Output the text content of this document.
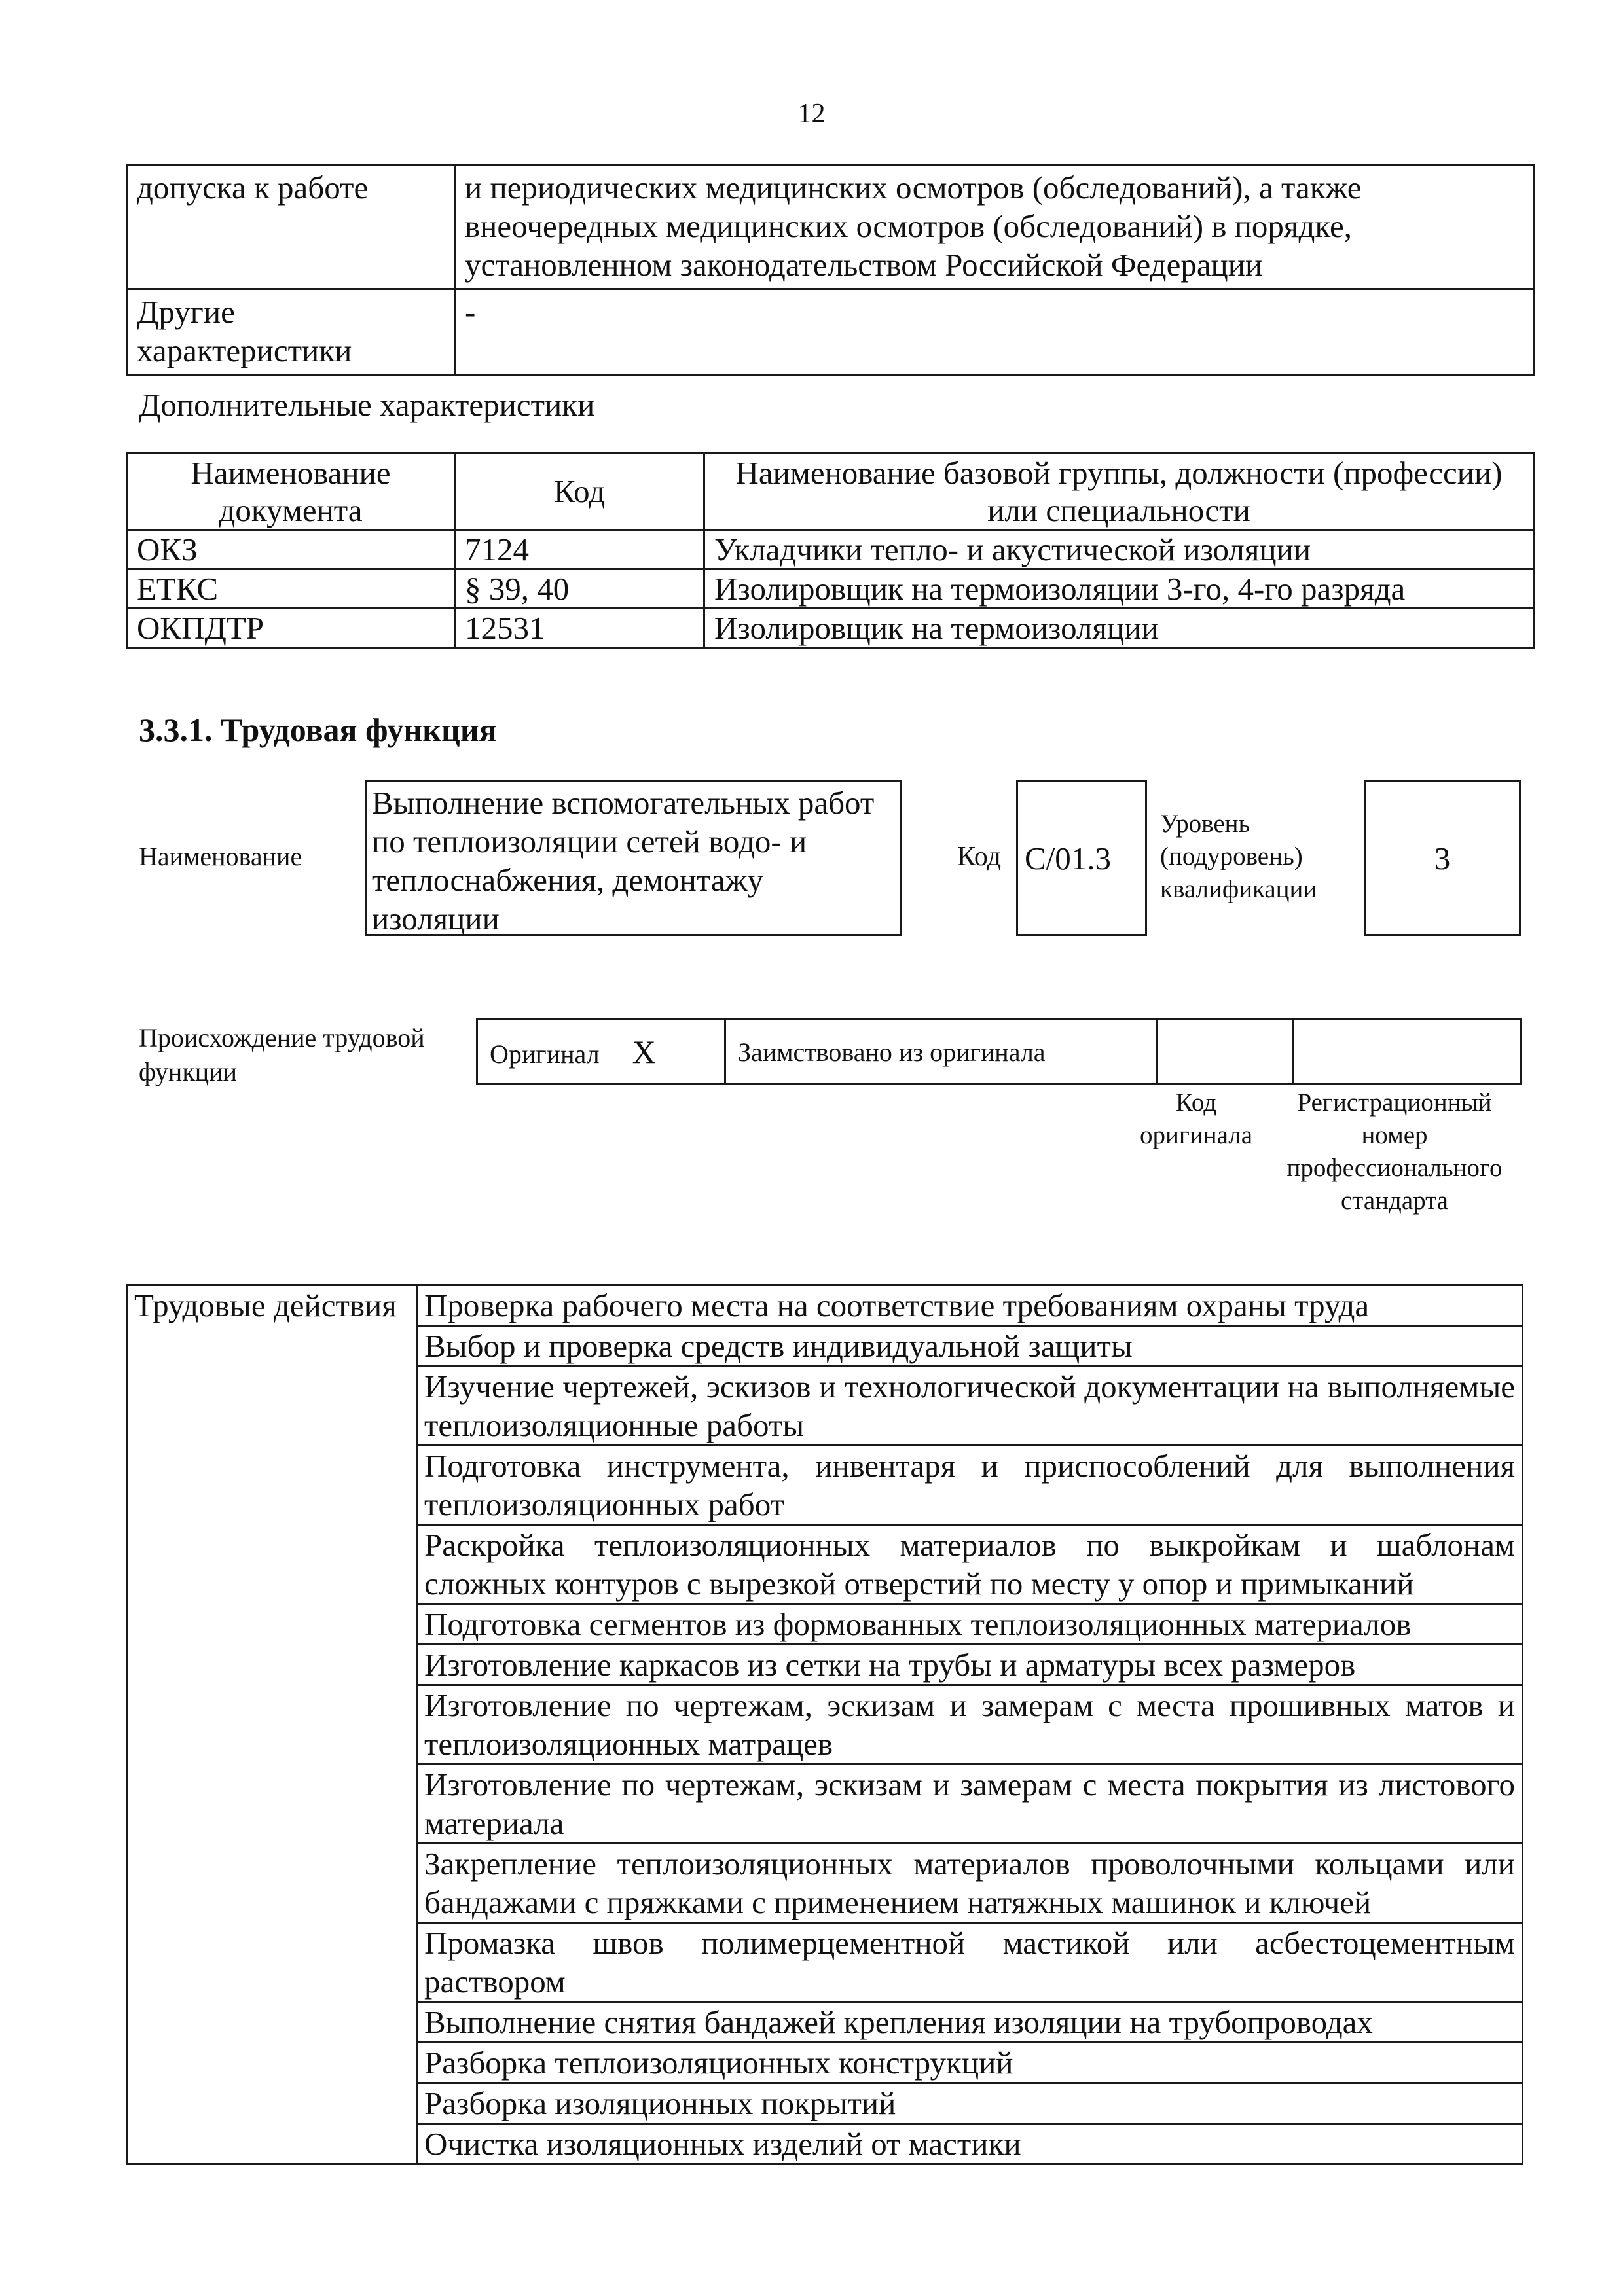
12
допуска к работе	и периодических медицинских осмотров (обследований), а также внеочередных медицинских осмотров (обследований) в порядке, установленном законодательством Российской Федерации
Другие характеристики	-
Дополнительные характеристики
Наименование документа	Код	Наименование базовой группы, должности (профессии) или специальности
ОКЗ	7124	Укладчики тепло- и акустической изоляции
ЕТКС	§ 39, 40	Изолировщик на термоизоляции 3-го, 4-го разряда
ОКПДТР	12531	Изолировщик на термоизоляции
3.3.1. Трудовая функция
Наименование
Выполнение вспомогательных работ по теплоизоляции сетей водо- и теплоснабжения, демонтажу изоляции
Код C/01.3
Уровень (подуровень) квалификации
3
Происхождение трудовой функции
Оригинал X	Заимствовано из оригинала		
Код оригинала
Регистрационный номер профессионального стандарта
Трудовые действия	Проверка рабочего места на соответствие требованиям охраны труда
Выбор и проверка средств индивидуальной защиты
Изучение чертежей, эскизов и технологической документации на выполняемые теплоизоляционные работы
Подготовка инструмента, инвентаря и приспособлений для выполнения теплоизоляционных работ
Раскройка теплоизоляционных материалов по выкройкам и шаблонам сложных контуров с вырезкой отверстий по месту у опор и примыканий
Подготовка сегментов из формованных теплоизоляционных материалов
Изготовление каркасов из сетки на трубы и арматуры всех размеров
Изготовление по чертежам, эскизам и замерам с места прошивных матов и теплоизоляционных матрацев
Изготовление по чертежам, эскизам и замерам с места покрытия из листового материала
Закрепление теплоизоляционных материалов проволочными кольцами или бандажами с пряжками с применением натяжных машинок и ключей
Промазка швов полимерцементной мастикой или асбестоцементным раствором
Выполнение снятия бандажей крепления изоляции на трубопроводах
Разборка теплоизоляционных конструкций
Разборка изоляционных покрытий
Очистка изоляционных изделий от мастики
